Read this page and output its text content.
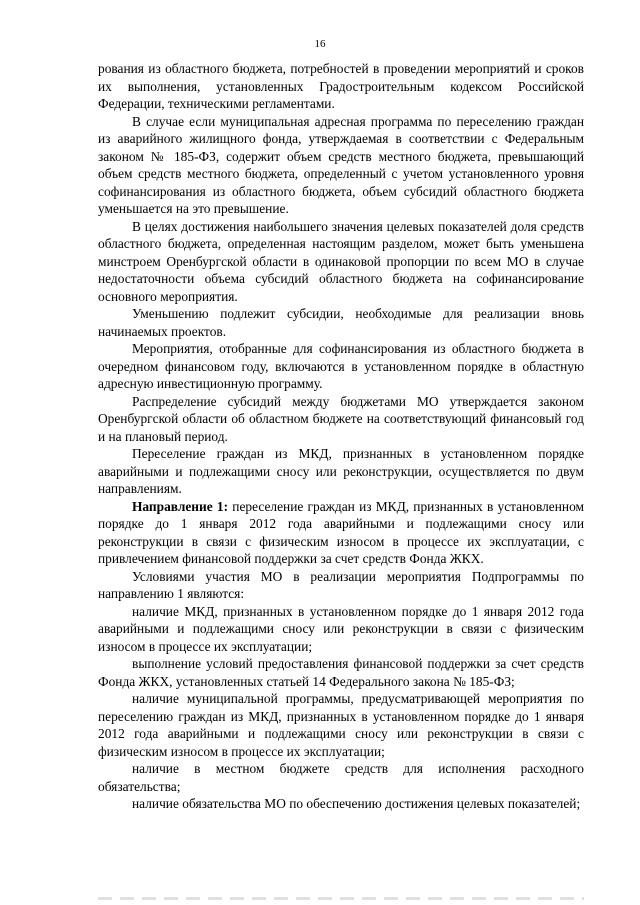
16

рования из областного бюджета, потребностей в проведении мероприятий и сроков их выполнения, установленных Градостроительным кодексом Российской Федерации, техническими регламентами.

В случае если муниципальная адресная программа по переселению граждан из аварийного жилищного фонда, утверждаемая в соответствии с Федеральным законом № 185-ФЗ, содержит объем средств местного бюджета, превышающий объем средств местного бюджета, определенный с учетом установленного уровня софинансирования из областного бюджета, объем субсидий областного бюджета уменьшается на это превышение.

В целях достижения наибольшего значения целевых показателей доля средств областного бюджета, определенная настоящим разделом, может быть уменьшена минстроем Оренбургской области в одинаковой пропорции по всем МО в случае недостаточности объема субсидий областного бюджета на софинансирование основного мероприятия.

Уменьшению подлежит субсидии, необходимые для реализации вновь начинаемых проектов.

Мероприятия, отобранные для софинансирования из областного бюджета в очередном финансовом году, включаются в установленном порядке в областную адресную инвестиционную программу.

Распределение субсидий между бюджетами МО утверждается законом Оренбургской области об областном бюджете на соответствующий финансовый год и на плановый период.

Переселение граждан из МКД, признанных в установленном порядке аварийными и подлежащими сносу или реконструкции, осуществляется по двум направлениям.

Направление 1: переселение граждан из МКД, признанных в установленном порядке до 1 января 2012 года аварийными и подлежащими сносу или реконструкции в связи с физическим износом в процессе их эксплуатации, с привлечением финансовой поддержки за счет средств Фонда ЖКХ.

Условиями участия МО в реализации мероприятия Подпрограммы по направлению 1 являются:

наличие МКД, признанных в установленном порядке до 1 января 2012 года аварийными и подлежащими сносу или реконструкции в связи с физическим износом в процессе их эксплуатации;

выполнение условий предоставления финансовой поддержки за счет средств Фонда ЖКХ, установленных статьей 14 Федерального закона № 185-ФЗ;

наличие муниципальной программы, предусматривающей мероприятия по переселению граждан из МКД, признанных в установленном порядке до 1 января 2012 года аварийными и подлежащими сносу или реконструкции в связи с физическим износом в процессе их эксплуатации;

наличие в местном бюджете средств для исполнения расходного обязательства;

наличие обязательства МО по обеспечению достижения целевых показателей;
